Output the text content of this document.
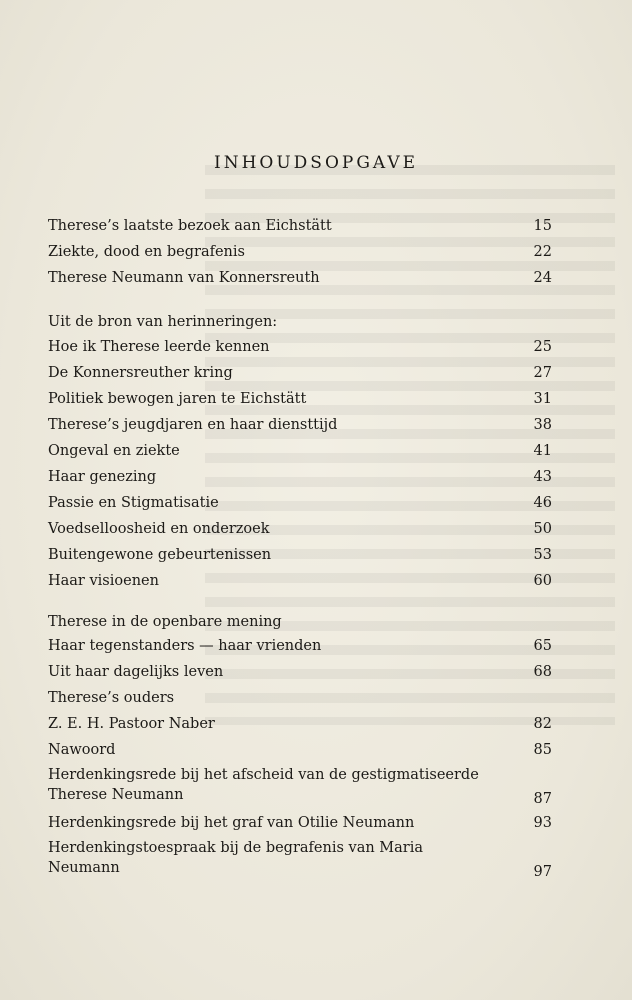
INHOUDSOPGAVE
Therese’s laatste bezoek aan Eichstätt	15
Ziekte, dood en begrafenis	22
Therese Neumann van Konnersreuth	24
Uit de bron van herinneringen:
Hoe ik Therese leerde kennen	25
De Konnersreuther kring	27
Politiek bewogen jaren te Eichstätt	31
Therese’s jeugdjaren en haar diensttijd	38
Ongeval en ziekte	41
Haar genezing	43
Passie en Stigmatisatie	46
Voedselloosheid en onderzoek	50
Buitengewone gebeurtenissen	53
Haar visioenen	60
Therese in de openbare mening
Haar tegenstanders — haar vrienden	65
Uit haar dagelijks leven	68
Therese’s ouders
Z. E. H. Pastoor Naber	82
Nawoord	85
Herdenkingsrede bij het afscheid van de gestigmatiseerde Therese Neumann	87
Herdenkingsrede bij het graf van Otilie Neumann	93
Herdenkingstoespraak bij de begrafenis van Maria Neumann	97
